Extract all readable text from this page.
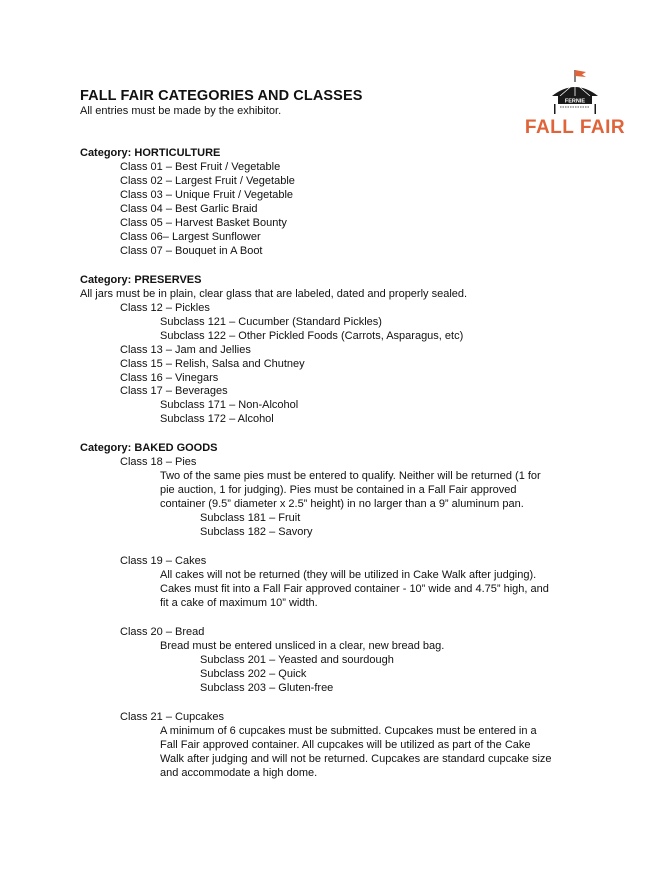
FALL FAIR CATEGORIES AND CLASSES
All entries must be made by the exhibitor.
FERNIE
FALL FAIR
Category: HORTICULTURE
Class 01 – Best Fruit / Vegetable
Class 02 – Largest Fruit / Vegetable
Class 03 – Unique Fruit / Vegetable
Class 04 – Best Garlic Braid
Class 05 – Harvest Basket Bounty
Class 06– Largest Sunflower
Class 07 – Bouquet in A Boot
Category: PRESERVES
All jars must be in plain, clear glass that are labeled, dated and properly sealed.
Class 12 – Pickles
Subclass 121 – Cucumber (Standard Pickles)
Subclass 122 – Other Pickled Foods (Carrots, Asparagus, etc)
Class 13 – Jam and Jellies
Class 15 – Relish, Salsa and Chutney
Class 16 – Vinegars
Class 17 – Beverages
Subclass 171 – Non-Alcohol
Subclass 172 – Alcohol
Category: BAKED GOODS
Class 18 – Pies
Two of the same pies must be entered to qualify. Neither will be returned (1 for
pie auction, 1 for judging). Pies must be contained in a Fall Fair approved
container (9.5” diameter x 2.5” height) in no larger than a 9” aluminum pan.
Subclass 181 – Fruit
Subclass 182 – Savory
Class 19 – Cakes
All cakes will not be returned (they will be utilized in Cake Walk after judging).
Cakes must fit into a Fall Fair approved container - 10” wide and 4.75” high, and
fit a cake of maximum 10” width.
Class 20 – Bread
Bread must be entered unsliced in a clear, new bread bag.
Subclass 201 – Yeasted and sourdough
Subclass 202 – Quick
Subclass 203 – Gluten-free
Class 21 – Cupcakes
A minimum of 6 cupcakes must be submitted. Cupcakes must be entered in a
Fall Fair approved container. All cupcakes will be utilized as part of the Cake
Walk after judging and will not be returned. Cupcakes are standard cupcake size
and accommodate a high dome.
